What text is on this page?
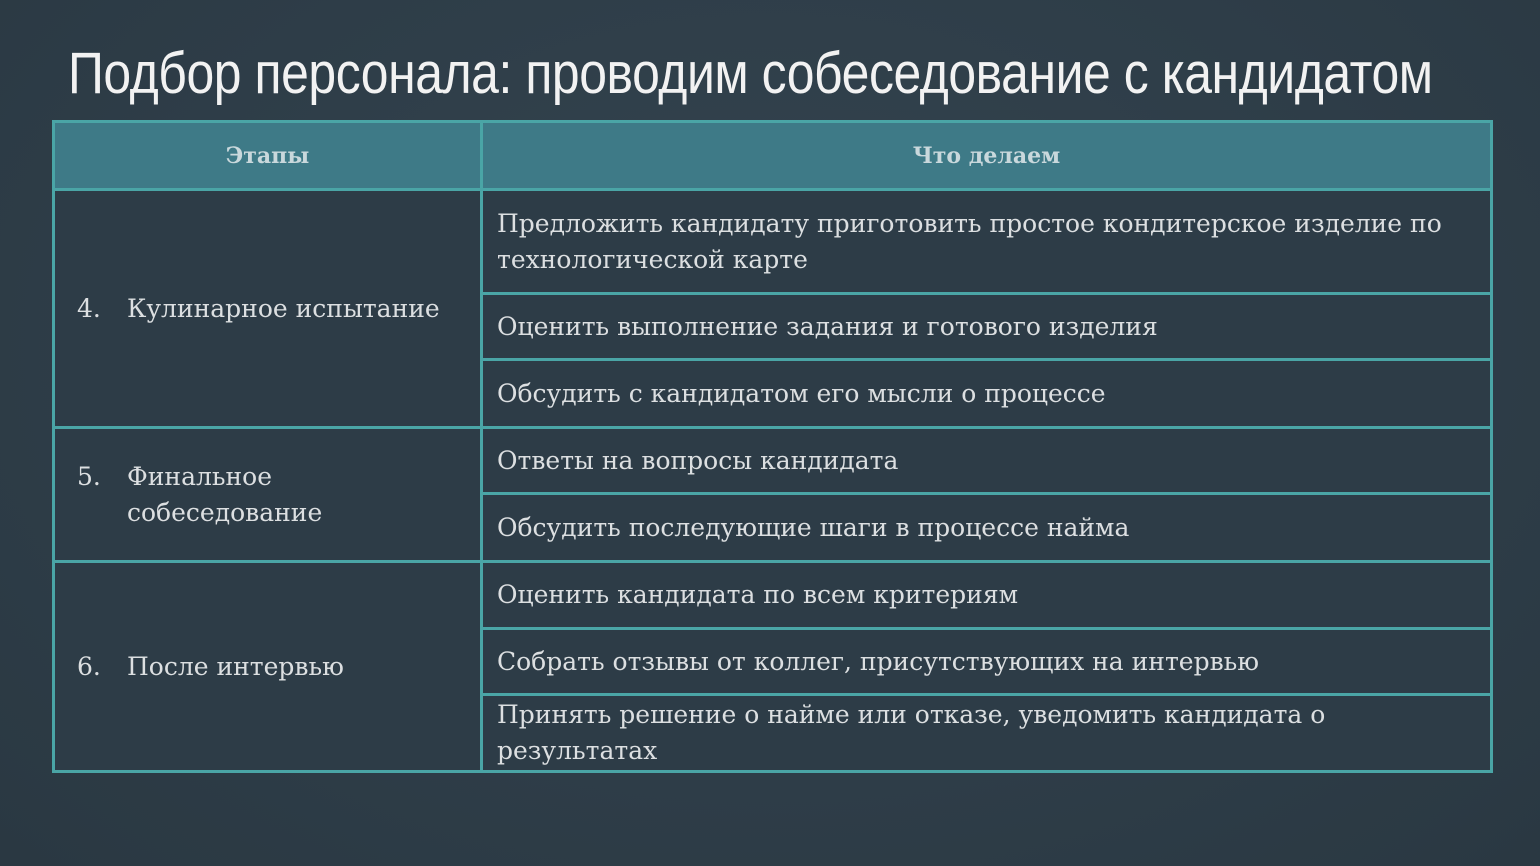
Подбор персонала: проводим собеседование с кандидатом
Этапы	Что делаем

4. Кулинарное испытание	Предложить кандидату приготовить простое кондитерское изделие по технологической карте
	Оценить выполнение задания и готового изделия
	Обсудить с кандидатом его мысли о процессе

5. Финальное собеседование	Ответы на вопросы кандидата
	Обсудить последующие шаги в процессе найма

6. После интервью	Оценить кандидата по всем критериям
	Собрать отзывы от коллег, присутствующих на интервью
	Принять решение о найме или отказе, уведомить кандидата о результатах
